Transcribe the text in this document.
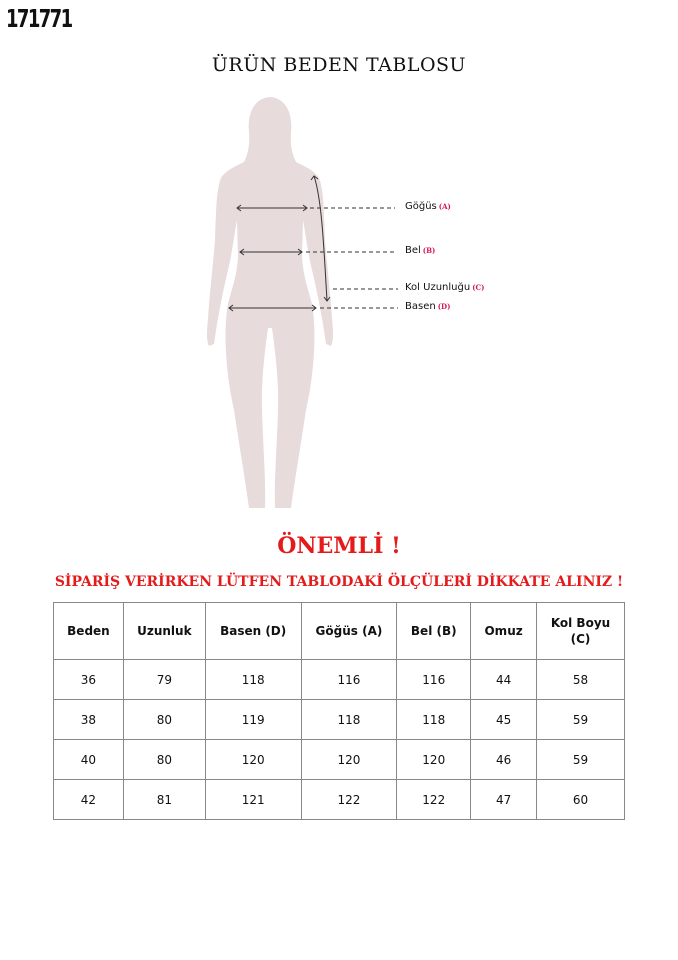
171771
ÜRÜN BEDEN TABLOSU
Göğüs (A)
Bel (B)
Kol Uzunluğu (C)
Basen (D)
ÖNEMLİ !
SİPARİŞ VERİRKEN LÜTFEN TABLODAKİ ÖLÇÜLERİ DİKKATE ALINIZ !
Beden	Uzunluk	Basen (D)	Göğüs (A)	Bel (B)	Omuz	Kol Boyu (C)

36	79	118	116	116	44	58
38	80	119	118	118	45	59
40	80	120	120	120	46	59
42	81	121	122	122	47	60
